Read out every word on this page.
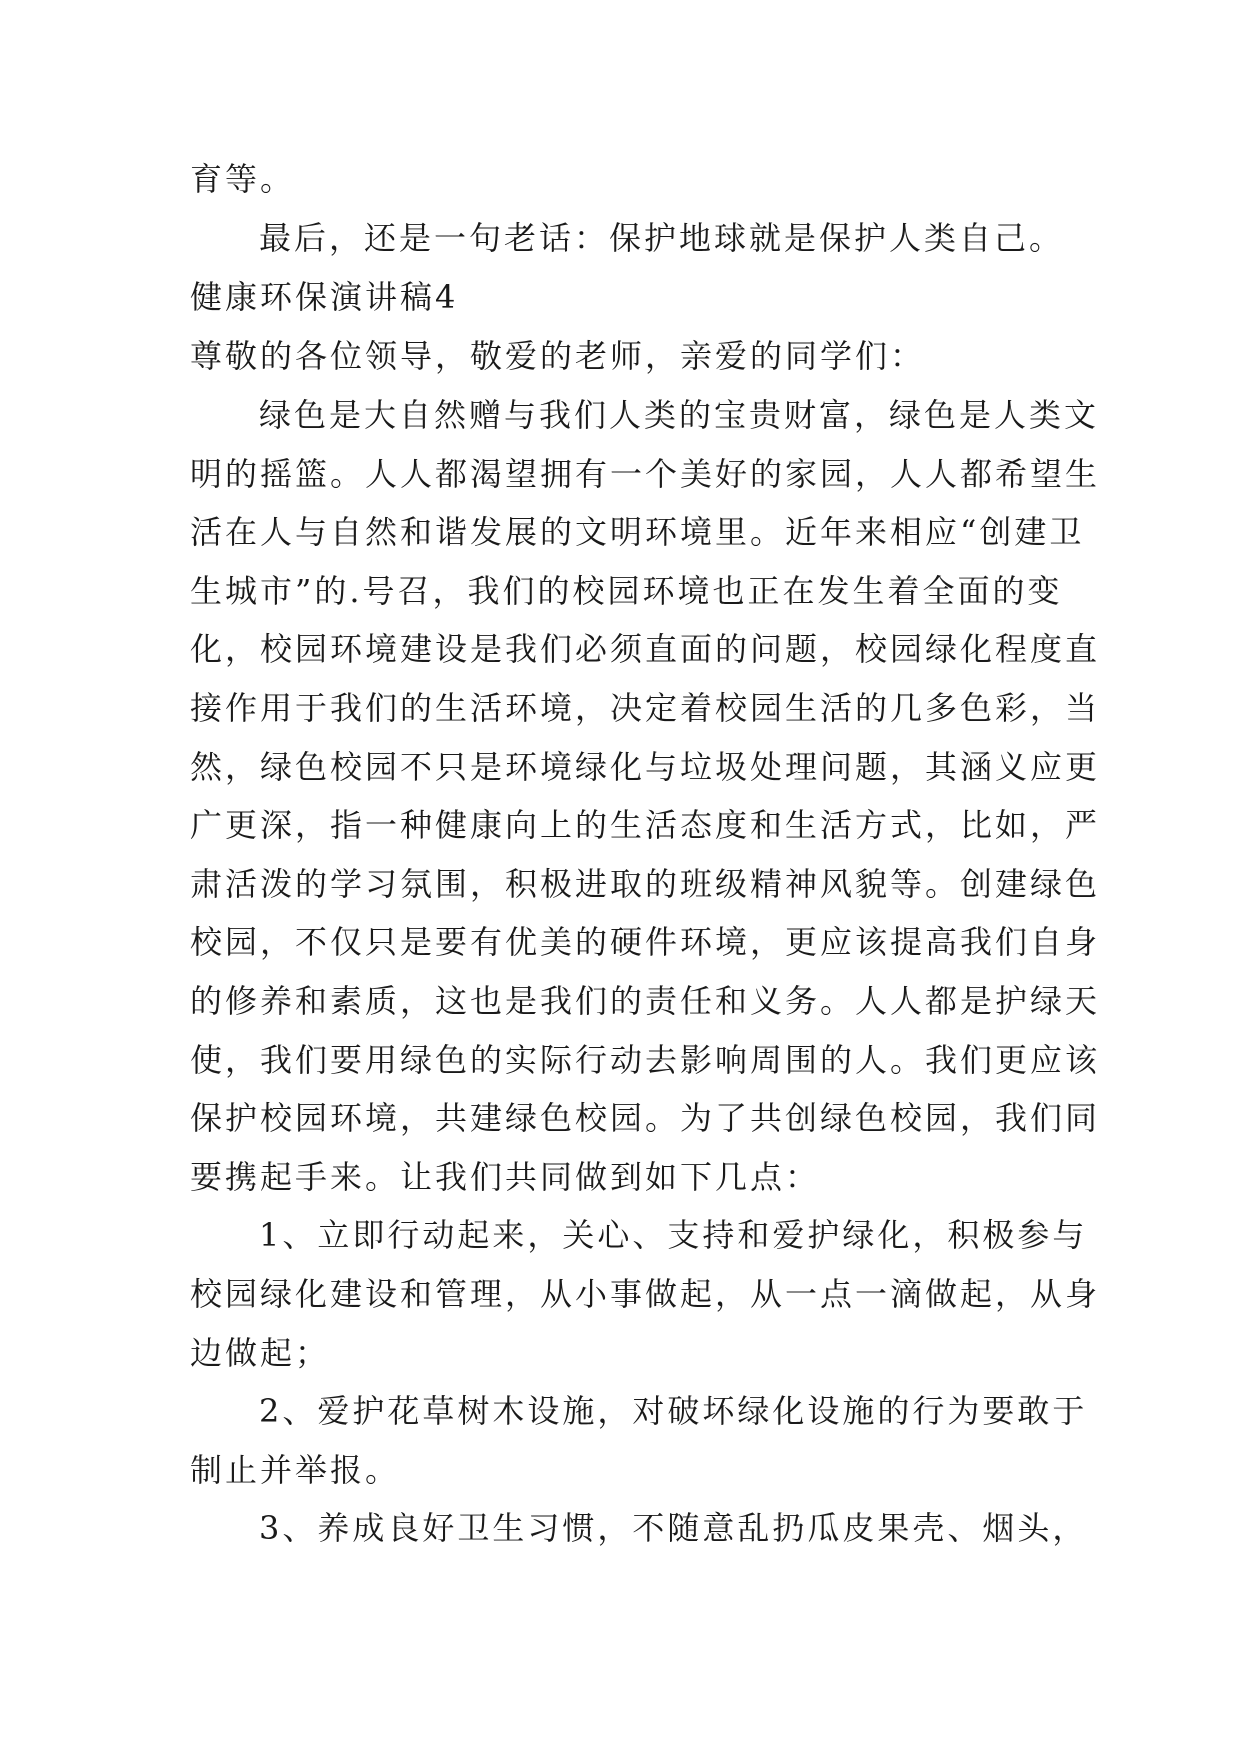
育等。
最后，还是一句老话：保护地球就是保护人类自己。
健康环保演讲稿4
尊敬的各位领导，敬爱的老师，亲爱的同学们：
绿色是大自然赠与我们人类的宝贵财富，绿色是人类文
明的摇篮。人人都渴望拥有一个美好的家园，人人都希望生
活在人与自然和谐发展的文明环境里。近年来相应“创建卫
生城市”的.号召，我们的校园环境也正在发生着全面的变
化，校园环境建设是我们必须直面的问题，校园绿化程度直
接作用于我们的生活环境，决定着校园生活的几多色彩，当
然，绿色校园不只是环境绿化与垃圾处理问题，其涵义应更
广更深，指一种健康向上的生活态度和生活方式，比如，严
肃活泼的学习氛围，积极进取的班级精神风貌等。创建绿色
校园，不仅只是要有优美的硬件环境，更应该提高我们自身
的修养和素质，这也是我们的责任和义务。人人都是护绿天
使，我们要用绿色的实际行动去影响周围的人。我们更应该
保护校园环境，共建绿色校园。为了共创绿色校园，我们同
要携起手来。让我们共同做到如下几点：
1、立即行动起来，关心、支持和爱护绿化，积极参与
校园绿化建设和管理，从小事做起，从一点一滴做起，从身
边做起；
2、爱护花草树木设施，对破坏绿化设施的行为要敢于
制止并举报。
3、养成良好卫生习惯，不随意乱扔瓜皮果壳、烟头，
